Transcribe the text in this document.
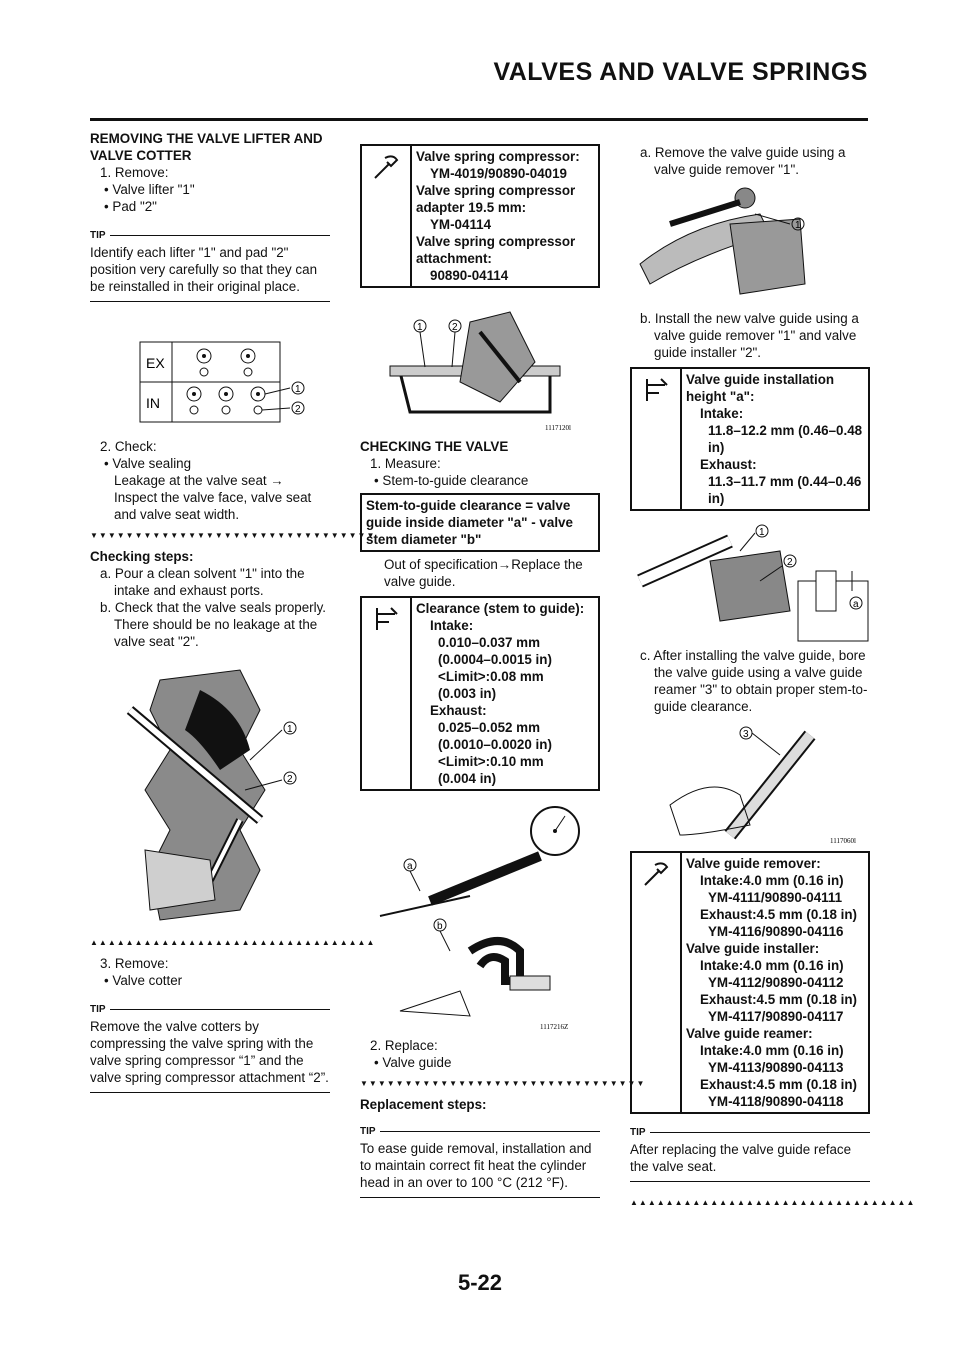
VALVES AND VALVE SPRINGS

REMOVING THE VALVE LIFTER AND VALVE COTTER

1. Remove:

• Valve lifter "1"

• Pad "2"

TIP
Identify each lifter "1" and pad "2" position very carefully so that they can be reinstalled in their original place.
EX
IN
1
2

2. Check:

• Valve sealing

Leakage at the valve seat → Inspect the valve face, valve seat and valve seat width.

▼▼▼▼▼▼▼▼▼▼▼▼▼▼▼▼▼▼▼▼▼▼▼▼▼▼▼▼▼▼▼▼

Checking steps:

a. Pour a clean solvent "1" into the intake and exhaust ports.

b. Check that the valve seals properly.

There should be no leakage at the valve seat "2".

1
2
▲▲▲▲▲▲▲▲▲▲▲▲▲▲▲▲▲▲▲▲▲▲▲▲▲▲▲▲▲▲▲▲

3. Remove:

• Valve cotter

TIP
Remove the valve cotters by compressing the valve spring with the valve spring compressor “1” and the valve spring compressor attachment “2”.
Valve spring compressor:
YM-4019/90890-04019
Valve spring compressor adapter 19.5 mm:
YM-04114
Valve spring compressor attachment:
90890-04114
1	2
1117120l

CHECKING THE VALVE

1. Measure:

• Stem-to-guide clearance

Stem-to-guide clearance = valve guide inside diameter "a" - valve stem diameter "b"

Out of specification→Replace the valve guide.

Clearance (stem to guide):
Intake:
0.010–0.037 mm
(0.0004–0.0015 in)
<Limit>:0.08 mm
(0.003 in)
Exhaust:
0.025–0.052 mm
(0.0010–0.0020 in)
<Limit>:0.10 mm
(0.004 in)
a
b
1117216Z

2. Replace:

• Valve guide

▼▼▼▼▼▼▼▼▼▼▼▼▼▼▼▼▼▼▼▼▼▼▼▼▼▼▼▼▼▼▼▼

Replacement steps:

TIP
To ease guide removal, installation and to maintain correct fit heat the cylinder head in an over to 100 °C (212 °F).

a. Remove the valve guide using a valve guide remover "1".

1

b. Install the new valve guide using a valve guide remover "1" and valve guide installer "2".

Valve guide installation height "a":
Intake:
11.8–12.2 mm (0.46–0.48 in)
Exhaust:
11.3–11.7 mm (0.44–0.46 in)
1
2
a

c. After installing the valve guide, bore the valve guide using a valve guide reamer "3" to obtain proper stem-to-guide clearance.

3
1117060l
Valve guide remover:
Intake:4.0 mm (0.16 in)
YM-4111/90890-04111
Exhaust:4.5 mm (0.18 in)
YM-4116/90890-04116
Valve guide installer:
Intake:4.0 mm (0.16 in)
YM-4112/90890-04112
Exhaust:4.5 mm (0.18 in)
YM-4117/90890-04117
Valve guide reamer:
Intake:4.0 mm (0.16 in)
YM-4113/90890-04113
Exhaust:4.5 mm (0.18 in)
YM-4118/90890-04118
TIP
After replacing the valve guide reface the valve seat.
▲▲▲▲▲▲▲▲▲▲▲▲▲▲▲▲▲▲▲▲▲▲▲▲▲▲▲▲▲▲▲▲
5-22
